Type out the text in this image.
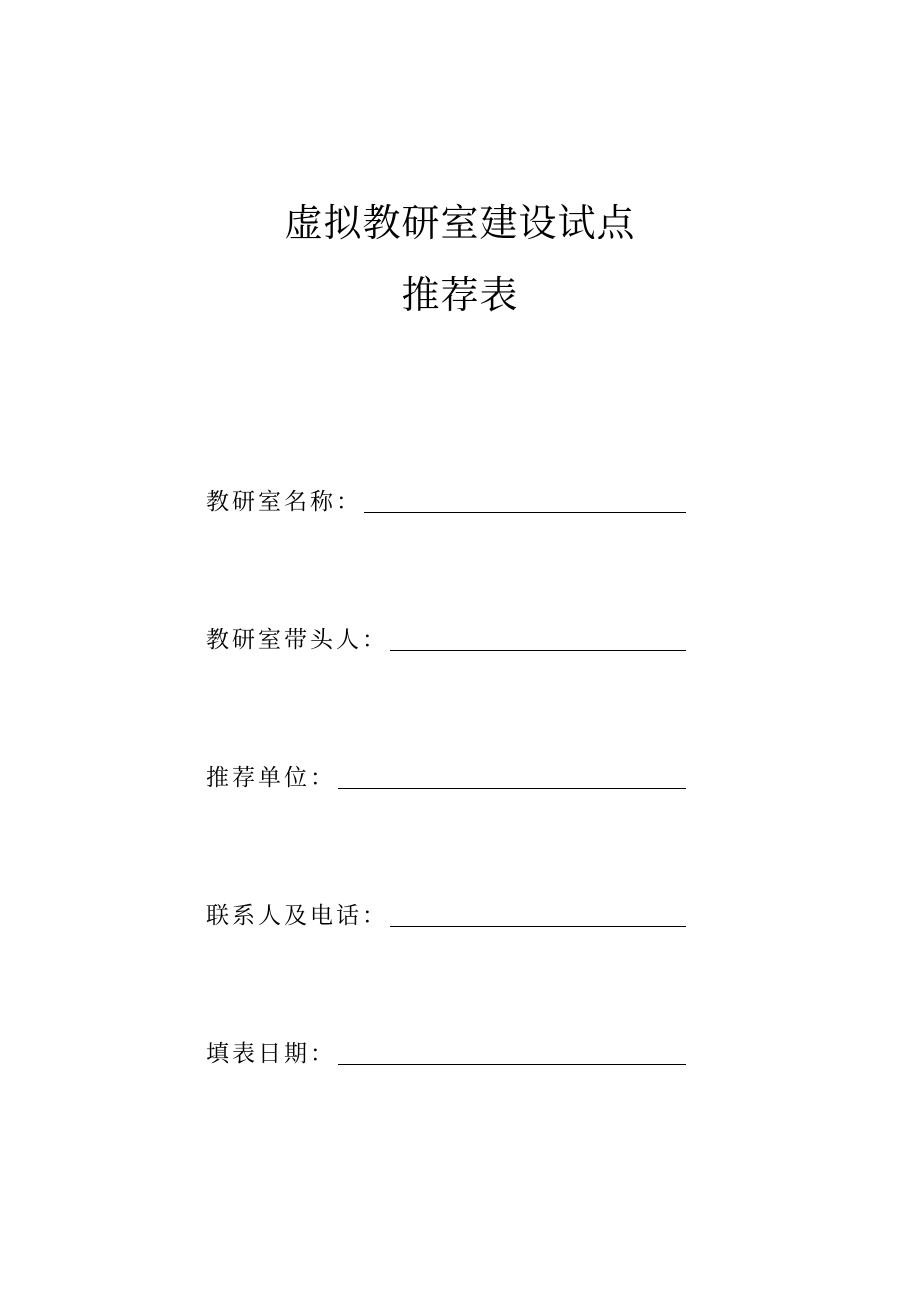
虚拟教研室建设试点
推荐表
教研室名称：
教研室带头人：
推荐单位：
联系人及电话：
填表日期：
